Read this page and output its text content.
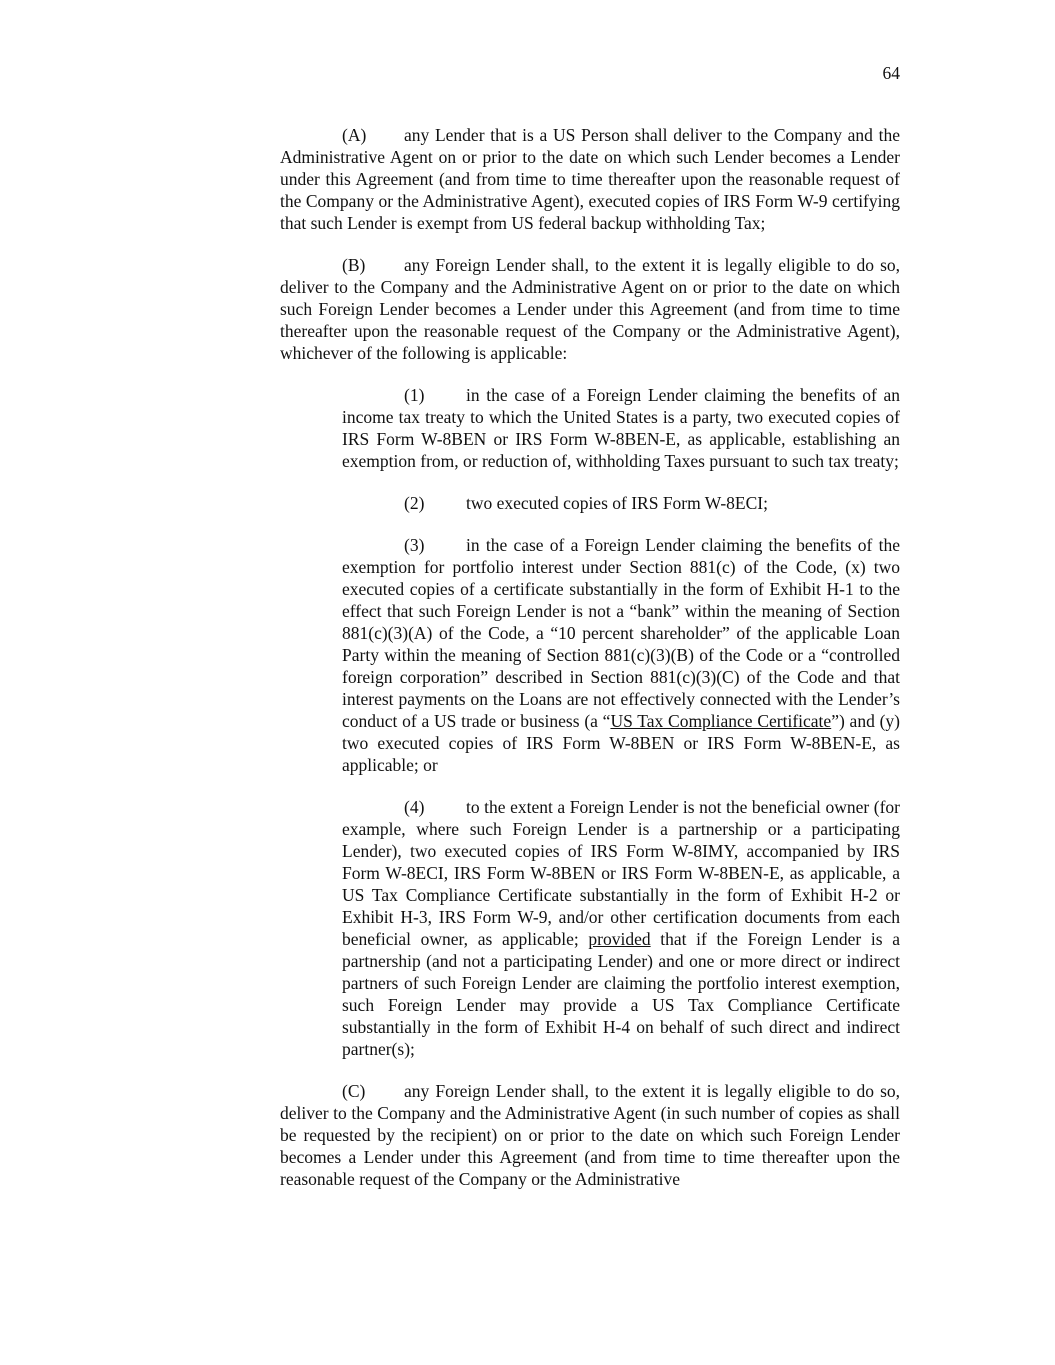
64

(A) any Lender that is a US Person shall deliver to the Company and the Administrative Agent on or prior to the date on which such Lender becomes a Lender under this Agreement (and from time to time thereafter upon the reasonable request of the Company or the Administrative Agent), executed copies of IRS Form W-9 certifying that such Lender is exempt from US federal backup withholding Tax;

(B) any Foreign Lender shall, to the extent it is legally eligible to do so, deliver to the Company and the Administrative Agent on or prior to the date on which such Foreign Lender becomes a Lender under this Agreement (and from time to time thereafter upon the reasonable request of the Company or the Administrative Agent), whichever of the following is applicable:

(1) in the case of a Foreign Lender claiming the benefits of an income tax treaty to which the United States is a party, two executed copies of IRS Form W-8BEN or IRS Form W-8BEN-E, as applicable, establishing an exemption from, or reduction of, withholding Taxes pursuant to such tax treaty;

(2) two executed copies of IRS Form W-8ECI;

(3) in the case of a Foreign Lender claiming the benefits of the exemption for portfolio interest under Section 881(c) of the Code, (x) two executed copies of a certificate substantially in the form of Exhibit H-1 to the effect that such Foreign Lender is not a “bank” within the meaning of Section 881(c)(3)(A) of the Code, a “10 percent shareholder” of the applicable Loan Party within the meaning of Section 881(c)(3)(B) of the Code or a “controlled foreign corporation” described in Section 881(c)(3)(C) of the Code and that interest payments on the Loans are not effectively connected with the Lender’s conduct of a US trade or business (a “US Tax Compliance Certificate”) and (y) two executed copies of IRS Form W-8BEN or IRS Form W-8BEN-E, as applicable; or

(4) to the extent a Foreign Lender is not the beneficial owner (for example, where such Foreign Lender is a partnership or a participating Lender), two executed copies of IRS Form W-8IMY, accompanied by IRS Form W-8ECI, IRS Form W-8BEN or IRS Form W-8BEN-E, as applicable, a US Tax Compliance Certificate substantially in the form of Exhibit H-2 or Exhibit H-3, IRS Form W-9, and/or other certification documents from each beneficial owner, as applicable; provided that if the Foreign Lender is a partnership (and not a participating Lender) and one or more direct or indirect partners of such Foreign Lender are claiming the portfolio interest exemption, such Foreign Lender may provide a US Tax Compliance Certificate substantially in the form of Exhibit H-4 on behalf of such direct and indirect partner(s);

(C) any Foreign Lender shall, to the extent it is legally eligible to do so, deliver to the Company and the Administrative Agent (in such number of copies as shall be requested by the recipient) on or prior to the date on which such Foreign Lender becomes a Lender under this Agreement (and from time to time thereafter upon the reasonable request of the Company or the Administrative
